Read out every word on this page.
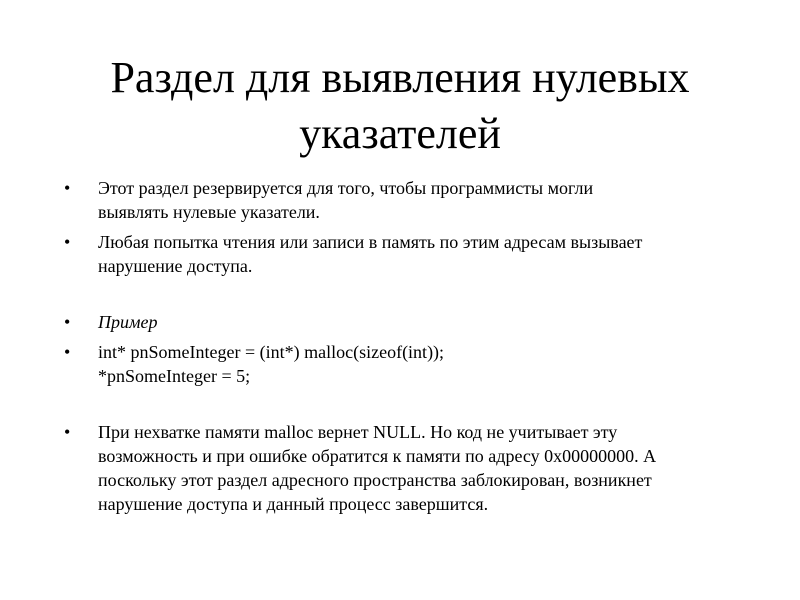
Раздел для выявления нулевых
указателей
• Этот раздел резервируется для того, чтобы программисты могли
выявлять нулевые указатели.
• Любая попытка чтения или записи в память по этим адресам вызывает
нарушение доступа.
• Пример
• int* pnSomeInteger = (int*) malloc(sizeof(int));
*pnSomeInteger = 5;
• При нехватке памяти malloc вернет NULL. Но код не учитывает эту
возможность и при ошибке обратится к памяти по адресу 0x00000000. А
поскольку этот раздел адресного пространства заблокирован, возникнет
нарушение доступа и данный процесс завершится.
